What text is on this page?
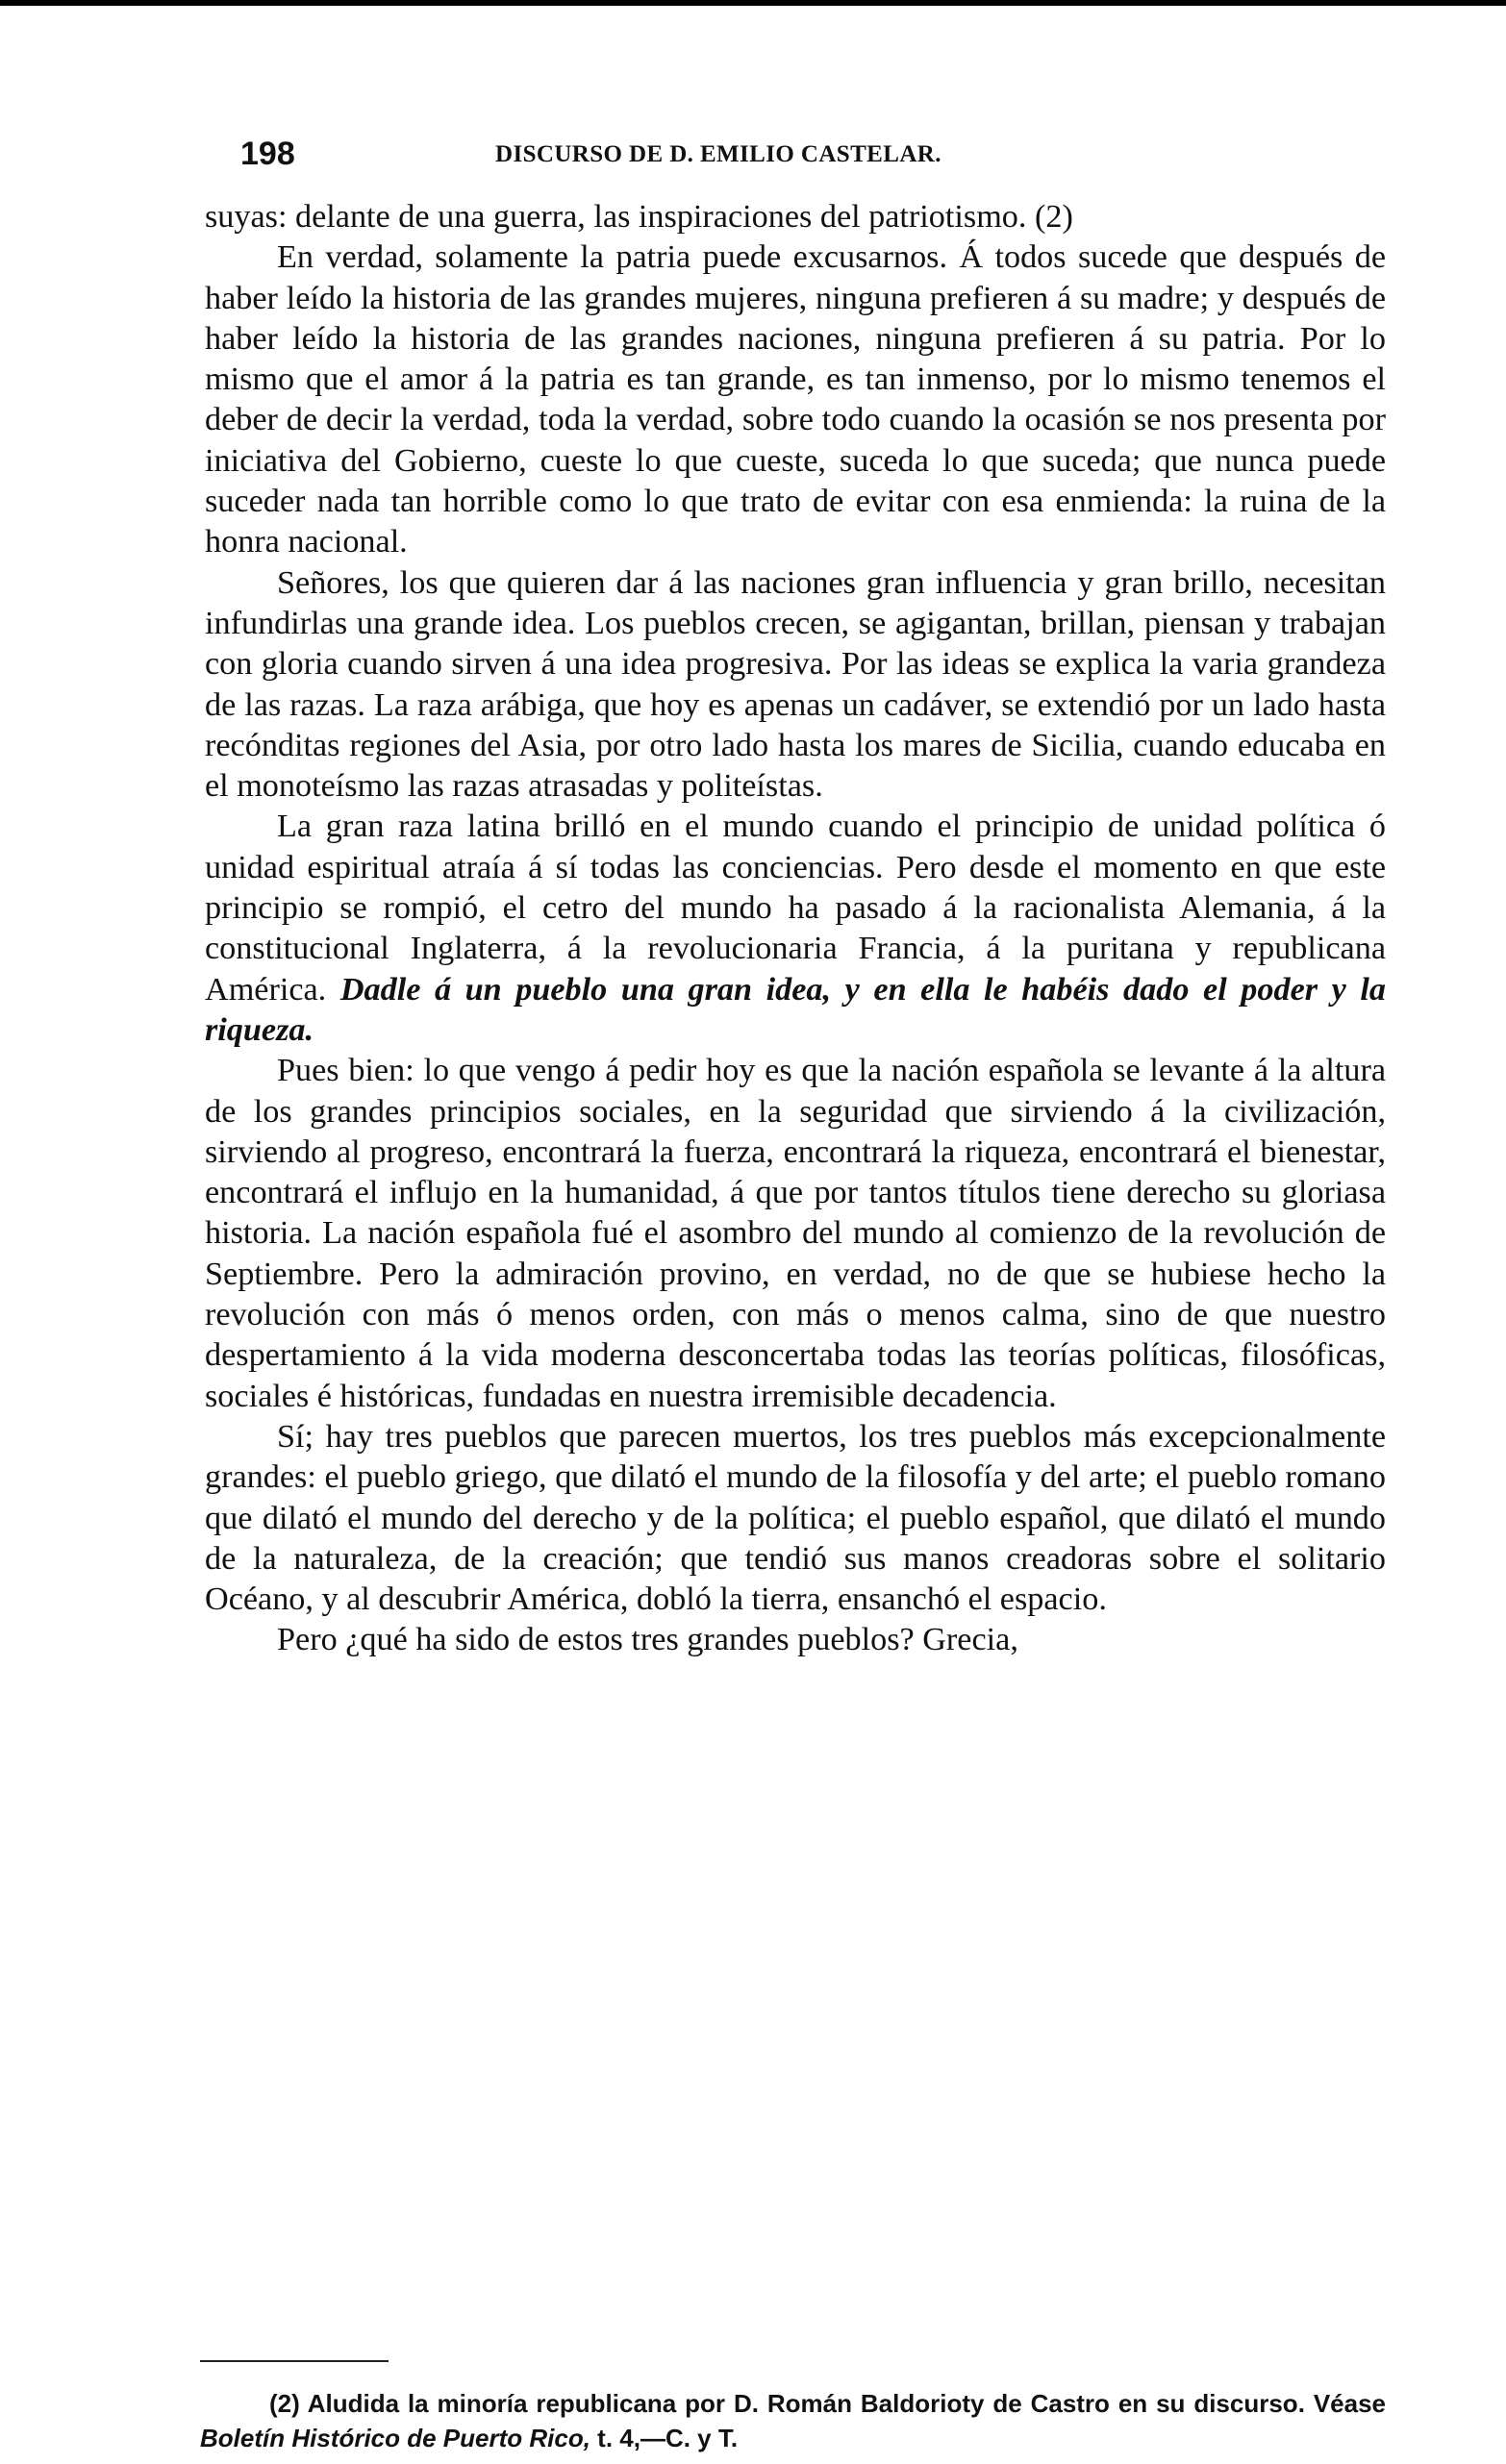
198	DISCURSO DE D. EMILIO CASTELAR.

suyas: delante de una guerra, las inspiraciones del patriotismo. (2)

En verdad, solamente la patria puede excusarnos. Á todos sucede que después de haber leído la historia de las grandes mujeres, ninguna prefieren á su madre; y después de haber leído la historia de las grandes naciones, ninguna prefieren á su patria. Por lo mismo que el amor á la patria es tan grande, es tan inmenso, por lo mismo tenemos el deber de decir la verdad, toda la verdad, sobre todo cuando la ocasión se nos presenta por iniciativa del Gobierno, cueste lo que cueste, suceda lo que suceda; que nunca puede suceder nada tan horrible como lo que trato de evitar con esa enmienda: la ruina de la honra nacional.

Señores, los que quieren dar á las naciones gran influencia y gran brillo, necesitan infundirlas una grande idea. Los pueblos crecen, se agigantan, brillan, piensan y trabajan con gloria cuando sirven á una idea progresiva. Por las ideas se explica la varia grandeza de las razas. La raza arábiga, que hoy es apenas un cadáver, se extendió por un lado hasta recónditas regiones del Asia, por otro lado hasta los mares de Sicilia, cuando educaba en el monoteísmo las razas atrasadas y politeístas.

La gran raza latina brilló en el mundo cuando el principio de unidad política ó unidad espiritual atraía á sí todas las conciencias. Pero desde el momento en que este principio se rompió, el cetro del mundo ha pasado á la racionalista Alemania, á la constitucional Inglaterra, á la revolucionaria Francia, á la puritana y republicana América. Dadle á un pueblo una gran idea, y en ella le habéis dado el poder y la riqueza.

Pues bien: lo que vengo á pedir hoy es que la nación española se levante á la altura de los grandes principios sociales, en la seguridad que sirviendo á la civilización, sirviendo al progreso, encontrará la fuerza, encontrará la riqueza, encontrará el bienestar, encontrará el influjo en la humanidad, á que por tantos títulos tiene derecho su gloriasa historia. La nación española fué el asombro del mundo al comienzo de la revolución de Septiembre. Pero la admiración provino, en verdad, no de que se hubiese hecho la revolución con más ó menos orden, con más o menos calma, sino de que nuestro despertamiento á la vida moderna desconcertaba todas las teorías políticas, filosóficas, sociales é históricas, fundadas en nuestra irremisible decadencia.

Sí; hay tres pueblos que parecen muertos, los tres pueblos más excepcionalmente grandes: el pueblo griego, que dilató el mundo de la filosofía y del arte; el pueblo romano que dilató el mundo del derecho y de la política; el pueblo español, que dilató el mundo de la naturaleza, de la creación; que tendió sus manos creadoras sobre el solitario Océano, y al descubrir América, dobló la tierra, ensanchó el espacio.

Pero ¿qué ha sido de estos tres grandes pueblos? Grecia,

(2) Aludida la minoría republicana por D. Román Baldorioty de Castro en su discurso. Véase Boletín Histórico de Puerto Rico, t. 4,—C. y T.
